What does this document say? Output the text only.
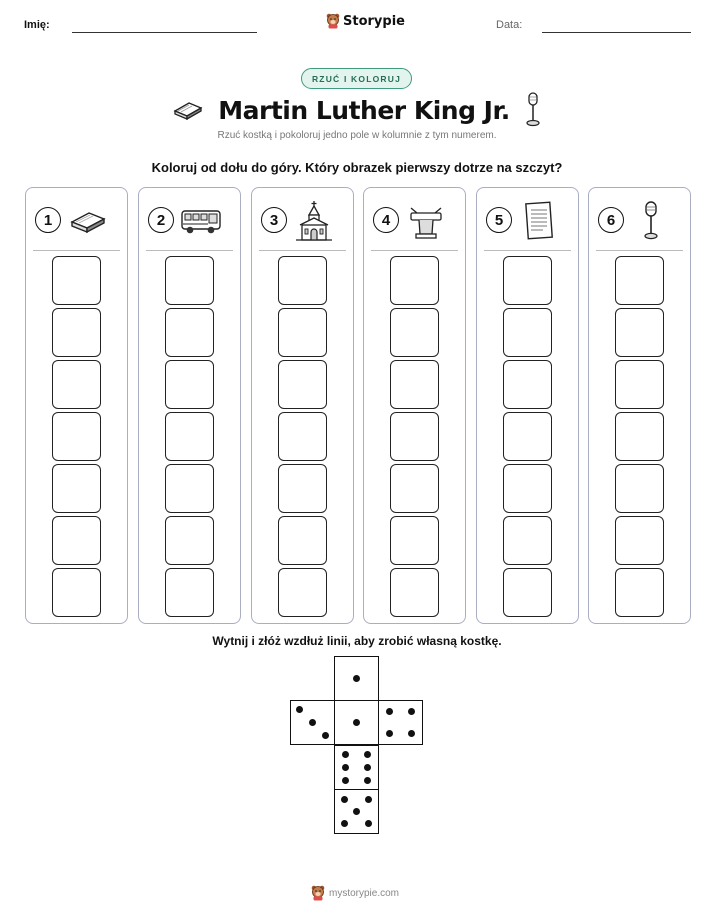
Imię:	Storypie	Data:
RZUĆ I KOLORUJ
Martin Luther King Jr.
Rzuć kostką i pokoloruj jedno pole w kolumnie z tym numerem.
Koloruj od dołu do góry. Który obrazek pierwszy dotrze na szczyt?
1	2	3	4	5	6
Wytnij i złóż wzdłuż linii, aby zrobić własną kostkę.
mystorypie.com
